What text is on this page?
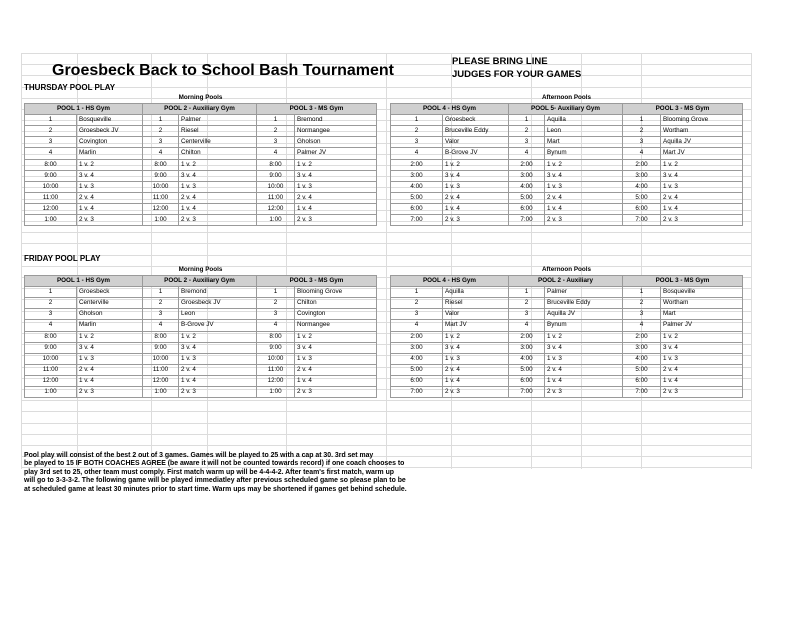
Groesbeck Back to School Bash Tournament
PLEASE BRING LINE
JUDGES FOR YOUR GAMES
THURSDAY POOL PLAY
FRIDAY POOL PLAY
Morning Pools					
POOL 1 - HS Gym		POOL 2 - Auxiliary Gym		POOL 3 - MS Gym	
1	Bosqueville	1	Palmer	1	Bremond
2	Groesbeck JV	2	Riesel	2	Normangee
3	Covington	3	Centerville	3	Gholson
4	Marlin	4	Chilton	4	Palmer JV
8:00	1 v. 2	8:00	1 v. 2	8:00	1 v. 2
9:00	3 v. 4	9:00	3 v. 4	9:00	3 v. 4
10:00	1 v. 3	10:00	1 v. 3	10:00	1 v. 3
11:00	2 v. 4	11:00	2 v. 4	11:00	2 v. 4
12:00	1 v. 4	12:00	1 v. 4	12:00	1 v. 4
1:00	2 v. 3	1:00	2 v. 3	1:00	2 v. 3
Afternoon Pools					
POOL 4 - HS Gym		POOL 5- Auxiliary Gym		POOL 3 - MS Gym	
1	Groesbeck	1	Aquilla	1	Blooming Grove
2	Bruceville Eddy	2	Leon	2	Wortham
3	Valor	3	Mart	3	Aquilla JV
4	B-Grove JV	4	Bynum	4	Mart JV
2:00	1 v. 2	2:00	1 v. 2	2:00	1 v. 2
3:00	3 v. 4	3:00	3 v. 4	3:00	3 v. 4
4:00	1 v. 3	4:00	1 v. 3	4:00	1 v. 3
5:00	2 v. 4	5:00	2 v. 4	5:00	2 v. 4
6:00	1 v. 4	6:00	1 v. 4	6:00	1 v. 4
7:00	2 v. 3	7:00	2 v. 3	7:00	2 v. 3
Morning Pools					
POOL 1 - HS Gym		POOL 2 - Auxiliary Gym		POOL 3 - MS Gym	
1	Groesbeck	1	Bremond	1	Blooming Grove
2	Centerville	2	Groesbeck JV	2	Chilton
3	Gholson	3	Leon	3	Covington
4	Marlin	4	B-Grove JV	4	Normangee
8:00	1 v. 2	8:00	1 v. 2	8:00	1 v. 2
9:00	3 v. 4	9:00	3 v. 4	9:00	3 v. 4
10:00	1 v. 3	10:00	1 v. 3	10:00	1 v. 3
11:00	2 v. 4	11:00	2 v. 4	11:00	2 v. 4
12:00	1 v. 4	12:00	1 v. 4	12:00	1 v. 4
1:00	2 v. 3	1:00	2 v. 3	1:00	2 v. 3
Afternoon Pools					
POOL 4 - HS Gym		POOL 2 - Auxiliary		POOL 3 - MS Gym	
1	Aquilla	1	Palmer	1	Bosqueville
2	Riesel	2	Bruceville Eddy	2	Wortham
3	Valor	3	Aquilla JV	3	Mart
4	Mart JV	4	Bynum	4	Palmer JV
2:00	1 v. 2	2:00	1 v. 2	2:00	1 v. 2
3:00	3 v. 4	3:00	3 v. 4	3:00	3 v. 4
4:00	1 v. 3	4:00	1 v. 3	4:00	1 v. 3
5:00	2 v. 4	5:00	2 v. 4	5:00	2 v. 4
6:00	1 v. 4	6:00	1 v. 4	6:00	1 v. 4
7:00	2 v. 3	7:00	2 v. 3	7:00	2 v. 3

Pool play will consist of the best 2 out of 3 games. Games will be played to 25 with a cap at 30. 3rd set may

be played to 15 IF BOTH COACHES AGREE (be aware it will not be counted towards record) if one coach chooses to

play 3rd set to 25, other team must comply. First match warm up will be 4-4-4-2. After team's first match, warm up

will go to 3-3-3-2. The following game will be played immediatley after previous scheduled game so please plan to be

at scheduled game at least 30 minutes prior to start time. Warm ups may be shortened if games get behind schedule.
